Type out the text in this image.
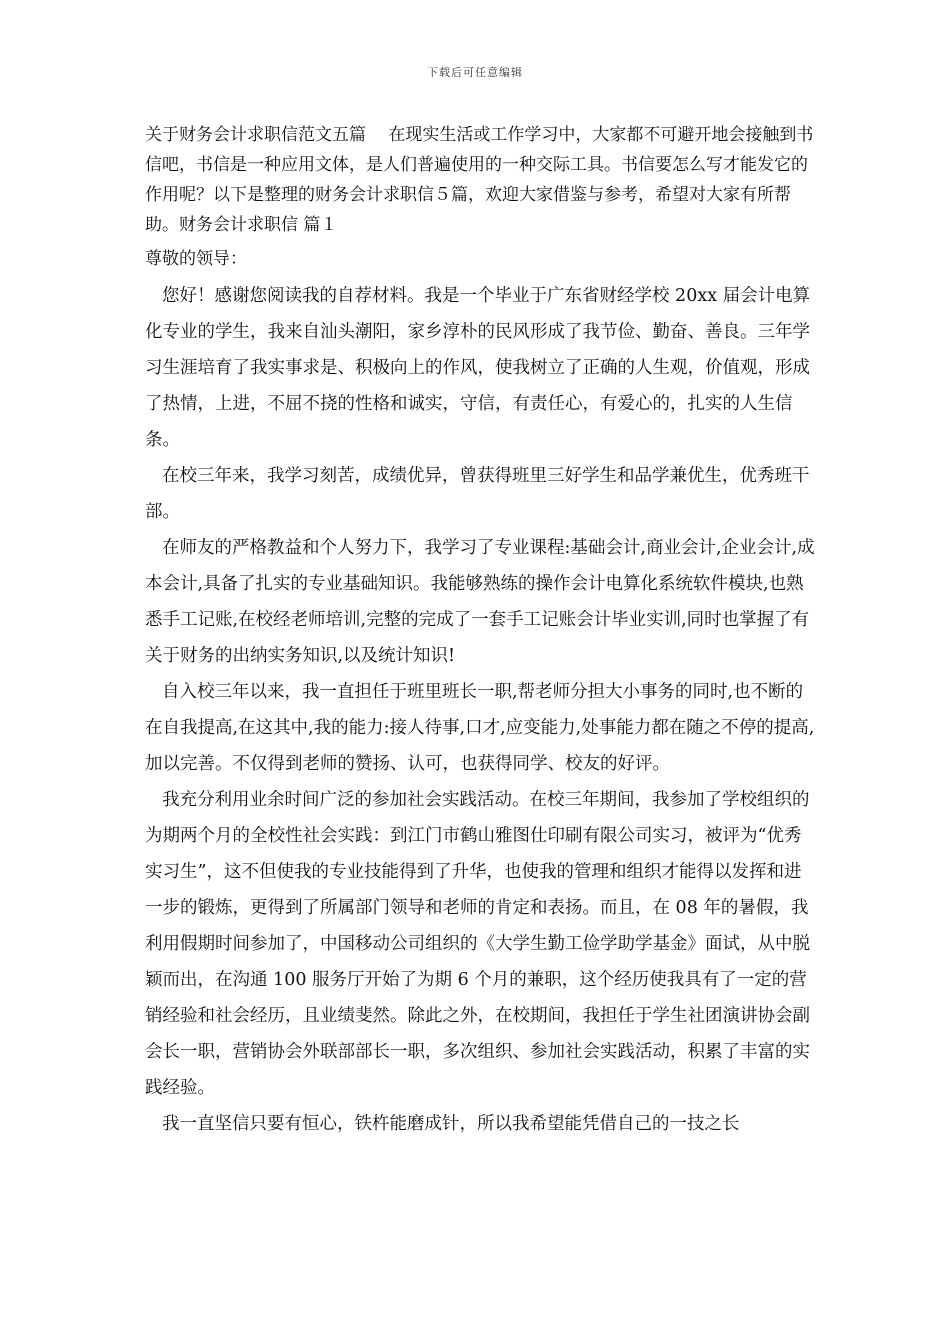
下载后可任意编辑

关于财务会计求职信范文五篇　 在现实生活或工作学习中，大家都不可避开地会接触到书信吧，书信是一种应用文体，是人们普遍使用的一种交际工具。书信要怎么写才能发它的作用呢？以下是整理的财务会计求职信５篇，欢迎大家借鉴与参考，希望对大家有所帮助。财务会计求职信 篇１

尊敬的领导：

您好！感谢您阅读我的自荐材料。我是一个毕业于广东省财经学校 20xx 届会计电算化专业的学生，我来自汕头潮阳，家乡淳朴的民风形成了我节俭、勤奋、善良。三年学习生涯培育了我实事求是、积极向上的作风，使我树立了正确的人生观，价值观，形成了热情，上进，不屈不挠的性格和诚实，守信，有责任心，有爱心的，扎实的人生信条。

在校三年来，我学习刻苦，成绩优异，曾获得班里三好学生和品学兼优生，优秀班干部。

在师友的严格教益和个人努力下，我学习了专业课程:基础会计,商业会计,企业会计,成本会计,具备了扎实的专业基础知识。我能够熟练的操作会计电算化系统软件模块,也熟悉手工记账,在校经老师培训,完整的完成了一套手工记账会计毕业实训,同时也掌握了有关于财务的出纳实务知识,以及统计知识!

自入校三年以来，我一直担任于班里班长一职,帮老师分担大小事务的同时,也不断的在自我提高,在这其中,我的能力:接人待事,口才,应变能力,处事能力都在随之不停的提高,加以完善。不仅得到老师的赞扬、认可，也获得同学、校友的好评。

我充分利用业余时间广泛的参加社会实践活动。在校三年期间，我参加了学校组织的为期两个月的全校性社会实践：到江门市鹤山雅图仕印刷有限公司实习，被评为“优秀实习生”，这不但使我的专业技能得到了升华，也使我的管理和组织才能得以发挥和进一步的锻炼，更得到了所属部门领导和老师的肯定和表扬。而且，在 08 年的暑假，我利用假期时间参加了，中国移动公司组织的《大学生勤工俭学助学基金》面试，从中脱颖而出，在沟通 100 服务厅开始了为期 6 个月的兼职，这个经历使我具有了一定的营销经验和社会经历，且业绩斐然。除此之外，在校期间，我担任于学生社团演讲协会副会长一职，营销协会外联部部长一职，多次组织、参加社会实践活动，积累了丰富的实践经验。

我一直坚信只要有恒心，铁杵能磨成针，所以我希望能凭借自己的一技之长
